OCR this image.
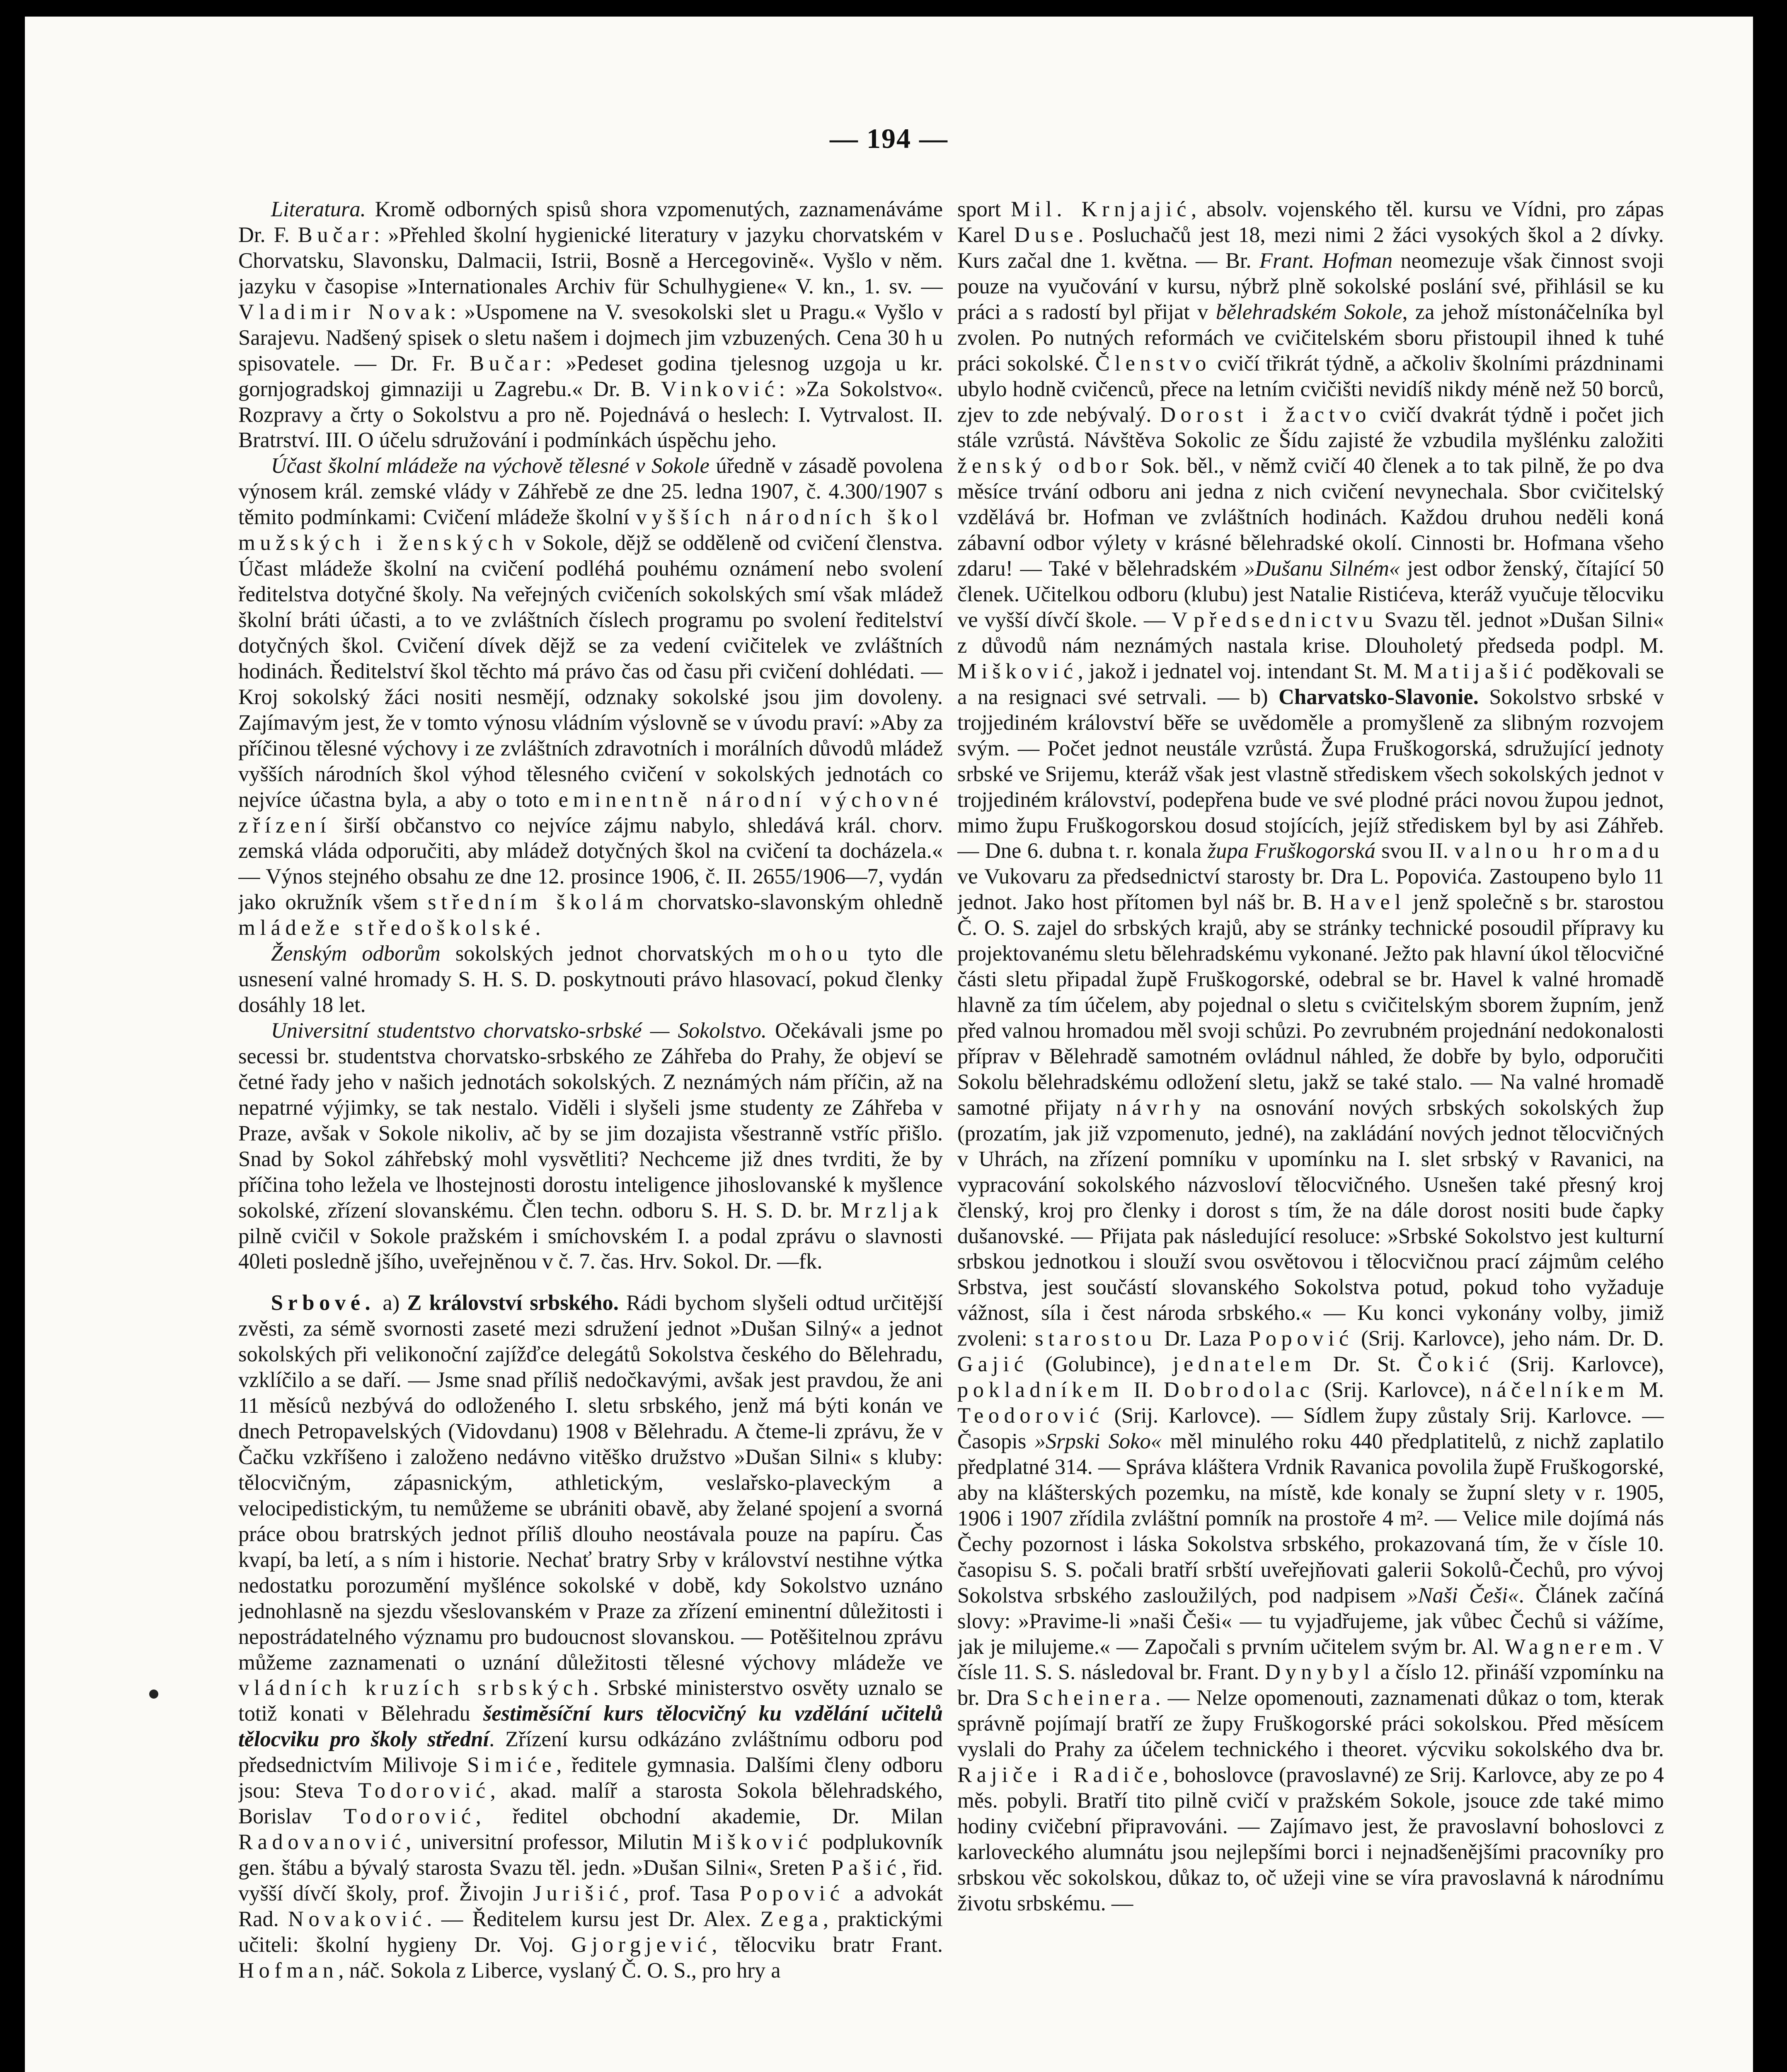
— 194 —

Literatura. Kromě odborných spisů shora vzpomenutých, zaznamenáváme Dr. F. Bučar: »Přehled školní hygienické literatury v jazyku chorvatském v Chorvatsku, Slavonsku, Dalmacii, Istrii, Bosně a Hercegovině«. Vyšlo v něm. jazyku v časopise »Internationales Archiv für Schulhygiene« V. kn., 1. sv. — Vladimir Novak: »Uspomene na V. svesokolski slet u Pragu.« Vyšlo v Sarajevu. Nadšený spisek o sletu našem i dojmech jim vzbuzených. Cena 30 h u spisovatele. — Dr. Fr. Bučar: »Pedeset godina tjelesnog uzgoja u kr. gornjogradskoj gimnaziji u Zagrebu.« Dr. B. Vinković: »Za Sokolstvo«. Rozpravy a črty o Sokolstvu a pro ně. Pojednává o heslech: I. Vytrvalost. II. Bratrství. III. O účelu sdružování i podmínkách úspěchu jeho.

Účast školní mládeže na výchově tělesné v Sokole úředně v zásadě povolena výnosem král. zemské vlády v Záhřebě ze dne 25. ledna 1907, č. 4.300/1907 s těmito podmínkami: Cvičení mládeže školní vyšších národních škol mužských i ženských v Sokole, dějž se odděleně od cvičení členstva. Účast mládeže školní na cvičení podléhá pouhému oznámení nebo svolení ředitelstva dotyčné školy. Na veřejných cvičeních sokolských smí však mládež školní bráti účasti, a to ve zvláštních číslech programu po svolení ředitelství dotyčných škol. Cvičení dívek dějž se za vedení cvičitelek ve zvláštních hodinách. Ředitelství škol těchto má právo čas od času při cvičení dohlédati. — Kroj sokolský žáci nositi nesmějí, odznaky sokolské jsou jim dovoleny. Zajímavým jest, že v tomto výnosu vládním výslovně se v úvodu praví: »Aby za příčinou tělesné výchovy i ze zvláštních zdravotních i morálních důvodů mládež vyšších národních škol výhod tělesného cvičení v sokolských jednotách co nejvíce účastna byla, a aby o toto eminentně národní výchovné zřízení širší občanstvo co nejvíce zájmu nabylo, shledává král. chorv. zemská vláda odporučiti, aby mládež dotyčných škol na cvičení ta docházela.« — Výnos stejného obsahu ze dne 12. prosince 1906, č. II. 2655/1906—7, vydán jako okružník všem středním školám chorvatsko-slavonským ohledně mládeže středoškolské.

Ženským odborům sokolských jednot chorvatských mohou tyto dle usnesení valné hromady S. H. S. D. poskytnouti právo hlasovací, pokud členky dosáhly 18 let.

Universitní studentstvo chorvatsko-srbské — Sokolstvo. Očekávali jsme po secessi br. studentstva chorvatsko-srbského ze Záhřeba do Prahy, že objeví se četné řady jeho v našich jednotách sokolských. Z neznámých nám příčin, až na nepatrné výjimky, se tak nestalo. Viděli i slyšeli jsme studenty ze Záhřeba v Praze, avšak v Sokole nikoliv, ač by se jim dozajista všestranně vstříc přišlo. Snad by Sokol záhřebský mohl vysvětliti? Nechceme již dnes tvrditi, že by příčina toho ležela ve lhostejnosti dorostu inteligence jihoslovanské k myšlence sokolské, zřízení slovanskému. Člen techn. odboru S. H. S. D. br. Mrzljak pilně cvičil v Sokole pražském i smíchovském I. a podal zprávu o slavnosti 40leti posledně jšího, uveřejněnou v č. 7. čas. Hrv. Sokol. Dr. —fk.

Srbové. a) Z království srbského. Rádi bychom slyšeli odtud určitější zvěsti, za sémě svornosti zaseté mezi sdružení jednot »Dušan Silný« a jednot sokolských při velikonoční zajížďce delegátů Sokolstva českého do Bělehradu, vzklíčilo a se daří. — Jsme snad příliš nedočkavými, avšak jest pravdou, že ani 11 měsíců nezbývá do odloženého I. sletu srbského, jenž má býti konán ve dnech Petropavelských (Vidovdanu) 1908 v Bělehradu. A čteme-li zprávu, že v Čačku vzkříšeno i založeno nedávno vitěško družstvo »Dušan Silni« s kluby: tělocvičným, zápasnickým, athletickým, veslařsko-plaveckým a velocipedistickým, tu nemůžeme se ubrániti obavě, aby želané spojení a svorná práce obou bratrských jednot příliš dlouho neostávala pouze na papíru. Čas kvapí, ba letí, a s ním i historie. Nechať bratry Srby v království nestihne výtka nedostatku porozumění myšlénce sokolské v době, kdy Sokolstvo uznáno jednohlasně na sjezdu všeslovanském v Praze za zřízení eminentní důležitosti i nepostrádatelného významu pro budoucnost slovanskou. — Potěšitelnou zprávu můžeme zaznamenati o uznání důležitosti tělesné výchovy mládeže ve vládních kruzích srbských. Srbské ministerstvo osvěty uznalo se totiž konati v Bělehradu šestiměsíční kurs tělocvičný ku vzdělání učitelů tělocviku pro školy střední. Zřízení kursu odkázáno zvláštnímu odboru pod předsednictvím Milivoje Simiće, ředitele gymnasia. Dalšími členy odboru jsou: Steva Todorović, akad. malíř a starosta Sokola bělehradského, Borislav Todorović, ředitel obchodní akademie, Dr. Milan Radovanović, universitní professor, Milutin Mišković podplukovník gen. štábu a bývalý starosta Svazu těl. jedn. »Dušan Silni«, Sreten Pašić, řid. vyšší dívčí školy, prof. Živojin Jurišić, prof. Tasa Popović a advokát Rad. Novaković. — Ředitelem kursu jest Dr. Alex. Zega, praktickými učiteli: školní hygieny Dr. Voj. Gjorgjević, tělocviku bratr Frant. Hofman, náč. Sokola z Liberce, vyslaný Č. O. S., pro hry a

sport Mil. Krnjajić, absolv. vojenského těl. kursu ve Vídni, pro zápas Karel Duse. Posluchačů jest 18, mezi nimi 2 žáci vysokých škol a 2 dívky. Kurs začal dne 1. května. — Br. Frant. Hofman neomezuje však činnost svoji pouze na vyučování v kursu, nýbrž plně sokolské poslání své, přihlásil se ku práci a s radostí byl přijat v bělehradském Sokole, za jehož místonáčelníka byl zvolen. Po nutných reformách ve cvičitelském sboru přistoupil ihned k tuhé práci sokolské. Členstvo cvičí třikrát týdně, a ačkoliv školními prázdninami ubylo hodně cvičenců, přece na letním cvičišti nevidíš nikdy méně než 50 borců, zjev to zde nebývalý. Dorost i žactvo cvičí dvakrát týdně i počet jich stále vzrůstá. Návštěva Sokolic ze Šídu zajisté že vzbudila myšlénku založiti ženský odbor Sok. běl., v němž cvičí 40 členek a to tak pilně, že po dva měsíce trvání odboru ani jedna z nich cvičení nevynechala. Sbor cvičitelský vzdělává br. Hofman ve zvláštních hodinách. Každou druhou neděli koná zábavní odbor výlety v krásné bělehradské okolí. Cinnosti br. Hofmana všeho zdaru! — Také v bělehradském »Dušanu Silném« jest odbor ženský, čítající 50 členek. Učitelkou odboru (klubu) jest Natalie Ristićeva, kteráž vyučuje tělocviku ve vyšší dívčí škole. — V předsednictvu Svazu těl. jednot »Dušan Silni« z důvodů nám neznámých nastala krise. Dlouholetý předseda podpl. M. Mišković, jakož i jednatel voj. intendant St. M. Matijašić poděkovali se a na resignaci své setrvali. — b) Charvatsko-Slavonie. Sokolstvo srbské v trojjediném království běře se uvědoměle a promyšleně za slibným rozvojem svým. — Počet jednot neustále vzrůstá. Župa Fruškogorská, sdružující jednoty srbské ve Srijemu, kteráž však jest vlastně střediskem všech sokolských jednot v trojjediném království, podepřena bude ve své plodné práci novou župou jednot, mimo župu Fruškogorskou dosud stojících, jejíž střediskem byl by asi Záhřeb. — Dne 6. dubna t. r. konala župa Fruškogorská svou II. valnou hromadu ve Vukovaru za předsednictví starosty br. Dra L. Popovića. Zastoupeno bylo 11 jednot. Jako host přítomen byl náš br. B. Havel jenž společně s br. starostou Č. O. S. zajel do srbských krajů, aby se stránky technické posoudil přípravy ku projektovanému sletu bělehradskému vykonané. Ježto pak hlavní úkol tělocvičné části sletu připadal župě Fruškogorské, odebral se br. Havel k valné hromadě hlavně za tím účelem, aby pojednal o sletu s cvičitelským sborem župním, jenž před valnou hromadou měl svoji schůzi. Po zevrubném projednání nedokonalosti příprav v Bělehradě samotném ovládnul náhled, že dobře by bylo, odporučiti Sokolu bělehradskému odložení sletu, jakž se také stalo. — Na valné hromadě samotné přijaty návrhy na osnování nových srbských sokolských žup (prozatím, jak již vzpomenuto, jedné), na zakládání nových jednot tělocvičných v Uhrách, na zřízení pomníku v upomínku na I. slet srbský v Ravanici, na vypracování sokolského názvosloví tělocvičného. Usnešen také přesný kroj členský, kroj pro členky i dorost s tím, že na dále dorost nositi bude čapky dušanovské. — Přijata pak následující resoluce: »Srbské Sokolstvo jest kulturní srbskou jednotkou i slouží svou osvětovou i tělocvičnou prací zájmům celého Srbstva, jest součástí slovanského Sokolstva potud, pokud toho vyžaduje vážnost, síla i čest národa srbského.« — Ku konci vykonány volby, jimiž zvoleni: starostou Dr. Laza Popović (Srij. Karlovce), jeho nám. Dr. D. Gajić (Golubince), jednatelem Dr. St. Čokić (Srij. Karlovce), pokladníkem II. Dobrodolac (Srij. Karlovce), náčelníkem M. Teodorović (Srij. Karlovce). — Sídlem župy zůstaly Srij. Karlovce. — Časopis »Srpski Soko« měl minulého roku 440 předplatitelů, z nichž zaplatilo předplatné 314. — Správa kláštera Vrdnik Ravanica povolila župě Fruškogorské, aby na klášterských pozemku, na místě, kde konaly se župní slety v r. 1905, 1906 i 1907 zřídila zvláštní pomník na prostoře 4 m². — Velice mile dojímá nás Čechy pozornost i láska Sokolstva srbského, prokazovaná tím, že v čísle 10. časopisu S. S. počali bratří srbští uveřejňovati galerii Sokolů-Čechů, pro vývoj Sokolstva srbského zasloužilých, pod nadpisem »Naši Češi«. Článek začíná slovy: »Pravime-li »naši Češi« — tu vyjadřujeme, jak vůbec Čechů si vážíme, jak je milujeme.« — Započali s prvním učitelem svým br. Al. Wagnerem. V čísle 11. S. S. následoval br. Frant. Dynybyl a číslo 12. přináší vzpomínku na br. Dra Scheinera. — Nelze opomenouti, zaznamenati důkaz o tom, kterak správně pojímají bratří ze župy Fruškogorské práci sokolskou. Před měsícem vyslali do Prahy za účelem technického i theoret. výcviku sokolského dva br. Rajiče i Radiče, bohoslovce (pravoslavné) ze Srij. Karlovce, aby ze po 4 měs. pobyli. Bratří tito pilně cvičí v pražském Sokole, jsouce zde také mimo hodiny cvičební připravováni. — Zajímavo jest, že pravoslavní bohoslovci z karloveckého alumnátu jsou nejlepšími borci i nejnadšenějšími pracovníky pro srbskou věc sokolskou, důkaz to, oč užeji vine se víra pravoslavná k národnímu životu srbskému. —
